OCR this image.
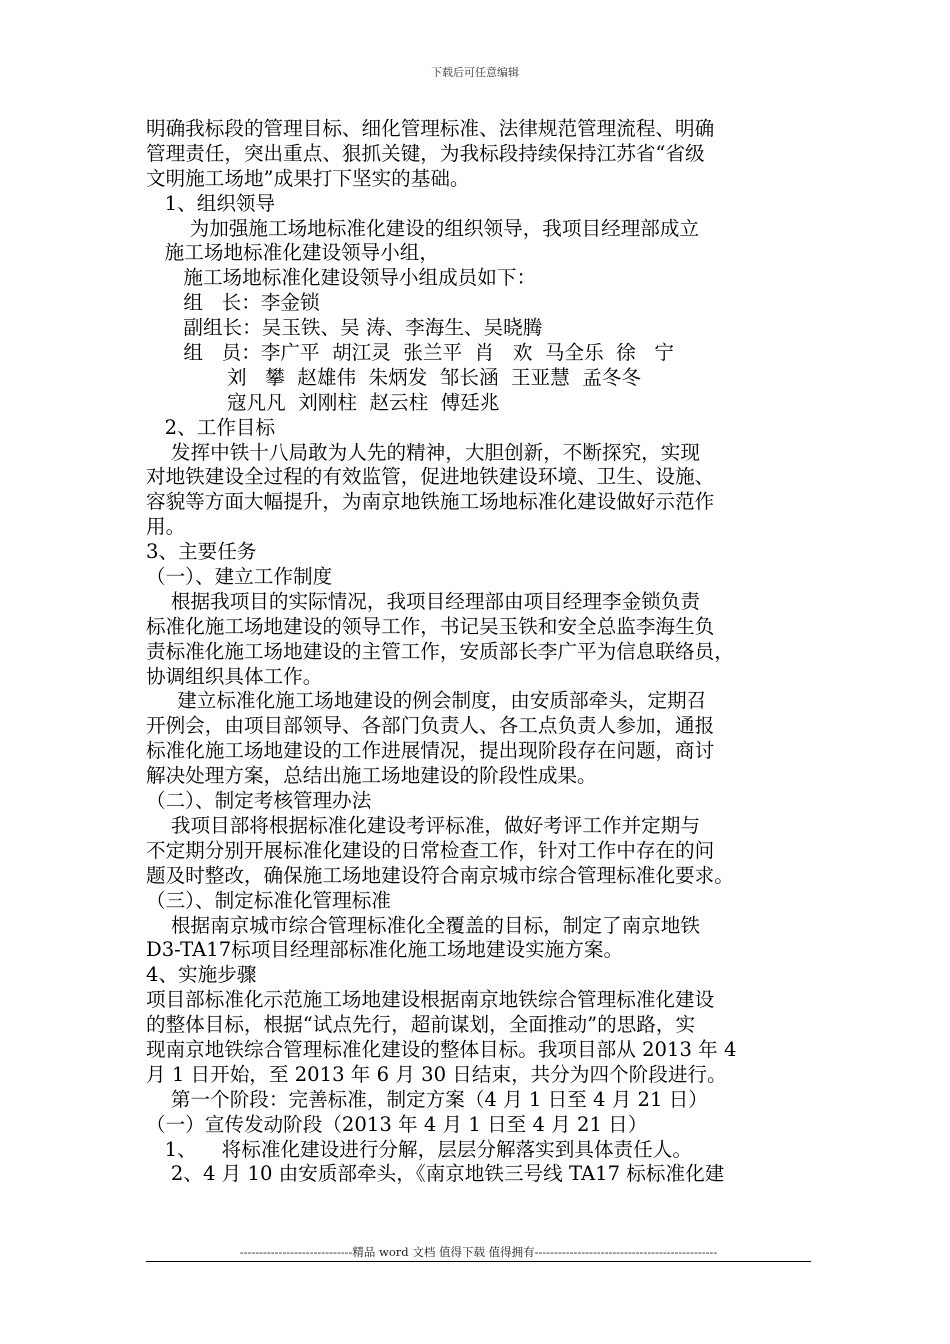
下载后可任意编辑
明确我标段的管理目标、细化管理标准、法律规范管理流程、明确
管理责任，突出重点、狠抓关键，为我标段持续保持江苏省“省级
文明施工场地”成果打下坚实的基础。
1、组织领导
为加强施工场地标准化建设的组织领导，我项目经理部成立
施工场地标准化建设领导小组，
施工场地标准化建设领导小组成员如下：
组   长：李金锁
副组长：吴玉铁、吴 涛、李海生、吴晓腾
组   员：李广平  胡江灵  张兰平  肖   欢  马全乐  徐   宁
刘   攀  赵雄伟  朱炳发  邹长涵  王亚慧  孟冬冬
寇凡凡  刘刚柱  赵云柱  傅廷兆
2、工作目标
发挥中铁十八局敢为人先的精神，大胆创新，不断探究，实现
对地铁建设全过程的有效监管，促进地铁建设环境、卫生、设施、
容貌等方面大幅提升，为南京地铁施工场地标准化建设做好示范作
用。
3、主要任务
（一）、建立工作制度
根据我项目的实际情况，我项目经理部由项目经理李金锁负责
标准化施工场地建设的领导工作，书记吴玉铁和安全总监李海生负
责标准化施工场地建设的主管工作，安质部长李广平为信息联络员，
协调组织具体工作。
建立标准化施工场地建设的例会制度，由安质部牵头，定期召
开例会，由项目部领导、各部门负责人、各工点负责人参加，通报
标准化施工场地建设的工作进展情况，提出现阶段存在问题，商讨
解决处理方案，总结出施工场地建设的阶段性成果。
（二）、制定考核管理办法
我项目部将根据标准化建设考评标准，做好考评工作并定期与
不定期分别开展标准化建设的日常检查工作，针对工作中存在的问
题及时整改，确保施工场地建设符合南京城市综合管理标准化要求。
（三）、制定标准化管理标准
根据南京城市综合管理标准化全覆盖的目标，制定了南京地铁
D3-TA17标项目经理部标准化施工场地建设实施方案。
4、实施步骤
项目部标准化示范施工场地建设根据南京地铁综合管理标准化建设
的整体目标，根据“试点先行，超前谋划，全面推动”的思路，实
现南京地铁综合管理标准化建设的整体目标。我项目部从 2013 年 4
月 1 日开始，至 2013 年 6 月 30 日结束，共分为四个阶段进行。
第一个阶段：完善标准，制定方案（4 月 1 日至 4 月 21 日）
（一）宣传发动阶段（2013 年 4 月 1 日至 4 月 21 日）
1、    将标准化建设进行分解，层层分解落实到具体责任人。
2、4 月 10 由安质部牵头，《南京地铁三号线 TA17 标标准化建
-----------------------------精品 word 文档 值得下载 值得拥有-----------------------------------------------
